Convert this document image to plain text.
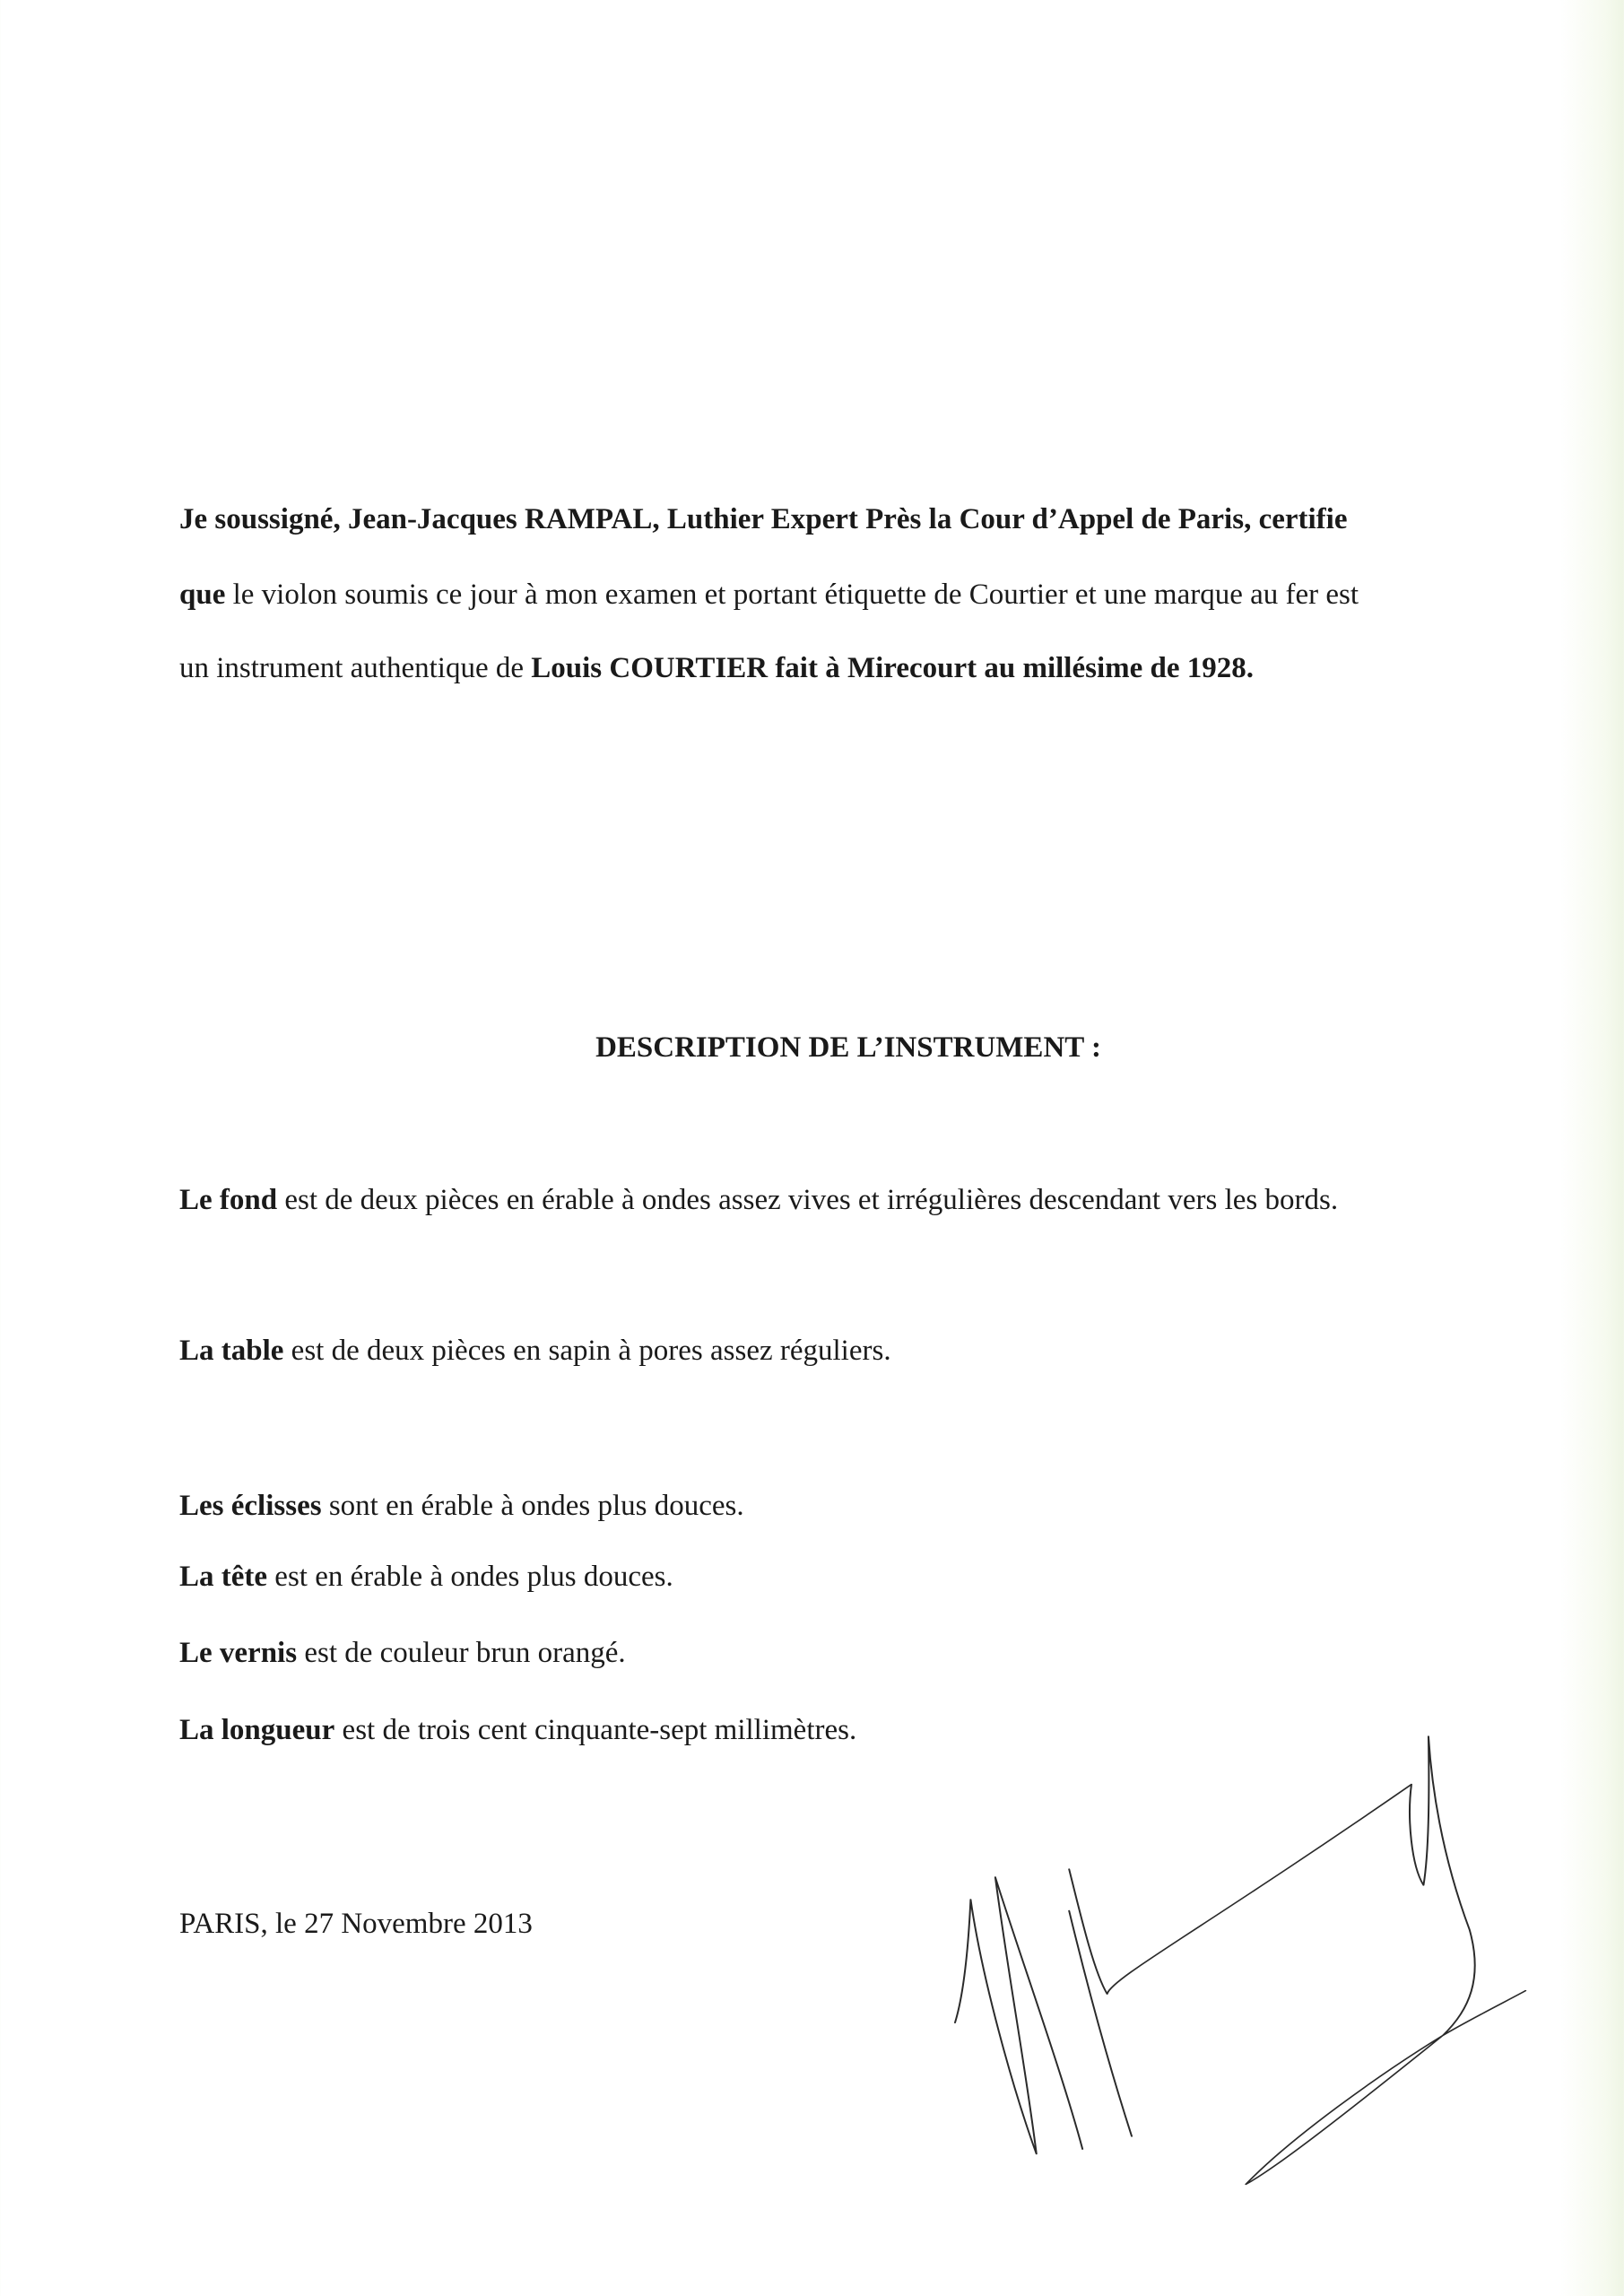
Je soussigné, Jean-Jacques RAMPAL, Luthier Expert Près la Cour d’Appel de Paris, certifie
que le violon soumis ce jour à mon examen et portant étiquette de Courtier et une marque au fer est
un instrument authentique de Louis COURTIER fait à Mirecourt au millésime de 1928.
DESCRIPTION DE L’INSTRUMENT :
Le fond est de deux pièces en érable à ondes assez vives et irrégulières descendant vers les bords.
La table est de deux pièces en sapin à pores assez réguliers.
Les éclisses sont en érable à ondes plus douces.
La tête est en érable à ondes plus douces.
Le vernis est de couleur brun orangé.
La longueur est de trois cent cinquante-sept millimètres.
PARIS, le 27 Novembre 2013
